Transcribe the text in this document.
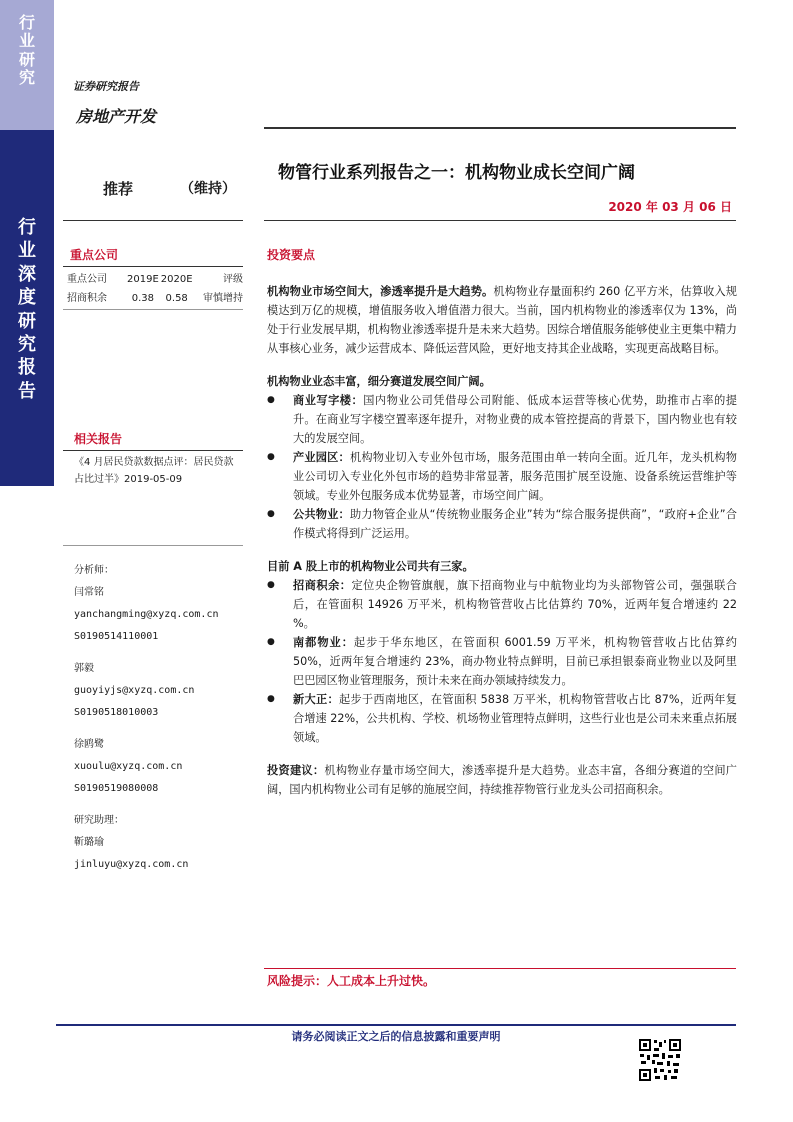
行
业
研
究
行
业
深
度
研
究
报
告
证券研究报告
房地产开发
推荐	（维持）
物管行业系列报告之一：机构物业成长空间广阔
2020 年 03 月 06 日
重点公司
重点公司	2019E	2020E	评级
招商积余	0.38	0.58	审慎增持
相关报告
《4 月居民贷款数据点评：居民贷款占比过半》2019-05-09
分析师：
闫常铭
yanchangming@xyzq.com.cn
S0190514110001
郭毅
guoyiyjs@xyzq.com.cn
S0190518010003
徐鸥鹭
xuoulu@xyzq.com.cn
S0190519080008
研究助理：
靳璐瑜
jinluyu@xyzq.com.cn
投资要点
机构物业市场空间大，渗透率提升是大趋势。机构物业存量面积约 260 亿平方米，估算收入规模达到万亿的规模，增值服务收入增值潜力很大。当前，国内机构物业的渗透率仅为 13%，尚处于行业发展早期，机构物业渗透率提升是未来大趋势。因综合增值服务能够使业主更集中精力从事核心业务，减少运营成本、降低运营风险，更好地支持其企业战略，实现更高战略目标。
机构物业业态丰富，细分赛道发展空间广阔。
● 商业写字楼：国内物业公司凭借母公司附能、低成本运营等核心优势，助推市占率的提升。在商业写字楼空置率逐年提升，对物业费的成本管控提高的背景下，国内物业也有较大的发展空间。
● 产业园区：机构物业切入专业外包市场，服务范围由单一转向全面。近几年，龙头机构物业公司切入专业化外包市场的趋势非常显著，服务范围扩展至设施、设备系统运营维护等领域。专业外包服务成本优势显著，市场空间广阔。
● 公共物业：助力物管企业从“传统物业服务企业”转为“综合服务提供商”，“政府+企业”合作模式将得到广泛运用。
目前 A 股上市的机构物业公司共有三家。
● 招商积余：定位央企物管旗舰，旗下招商物业与中航物业均为头部物管公司，强强联合后，在管面积 14926 万平米，机构物管营收占比估算约 70%，近两年复合增速约 22 %。
● 南都物业：起步于华东地区，在管面积 6001.59 万平米，机构物管营收占比估算约 50%，近两年复合增速约 23%，商办物业特点鲜明，目前已承担银泰商业物业以及阿里巴巴园区物业管理服务，预计未来在商办领域持续发力。
● 新大正：起步于西南地区，在管面积 5838 万平米，机构物管营收占比 87%，近两年复合增速 22%，公共机构、学校、机场物业管理特点鲜明，这些行业也是公司未来重点拓展领域。
投资建议：机构物业存量市场空间大，渗透率提升是大趋势。业态丰富，各细分赛道的空间广阔，国内机构物业公司有足够的施展空间，持续推荐物管行业龙头公司招商积余。
风险提示：人工成本上升过快。
请务必阅读正文之后的信息披露和重要声明
